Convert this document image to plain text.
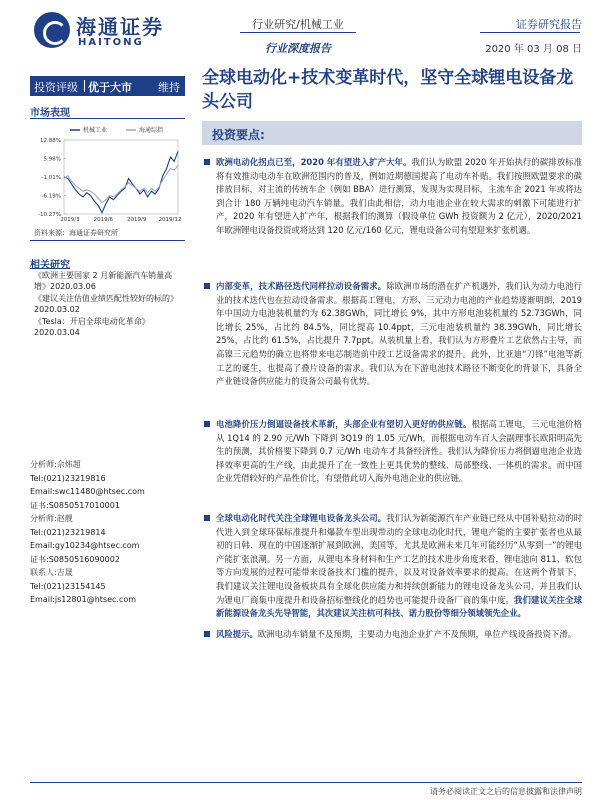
海通证券
HAITONG
行业研究/机械工业
行业深度报告
证券研究报告
2020 年 03 月 08 日
投资评级 优于大市 维持 全球电动化+技术变革时代，坚守全球锂电设备龙头公司
市场表现
12.88%
5.98%
-1.01%
-6.19%
-10.27%
2019/3	2019/6	2019/9 2019/12
机械工业	海通综指
资料来源：海通证券研究所
相关研究
《欧洲主要国家 2 月新能源汽车销量高增》2020.03.06
《建议关注估值业绩匹配性较好的标的》2020.03.02
《Tesla：开启全球电动化革命》2020.03.04
分析师:佘炜超
Tel:(021)23219816
Email:swc11480@htsec.com
证书:S0850517010001
分析师:赵靓
Tel:(021)23219814
Email:gy10234@htsec.com
证书:S0850516090002
联系人:吉晟
Tel:(021)23154145
Email:js12801@htsec.com
投资要点:
欧洲电动化拐点已至，2020 年有望进入扩产大年。我们认为欧盟 2020 年开始执行的碳排放标准将有效推动电动车在欧洲范围内的普及，例如近期德国提高了电动车补贴。我们按照欧盟要求的碳排放目标，对主流的传统车企（例如 BBA）进行测算，发现为实现目标，主流车企 2021 年或将达到合计 180 万辆纯电动汽车销量。我们由此相信，动力电池企业在较大需求的刺激下可能进行扩产，2020 年有望进入扩产年，根据我们的测算（假设单位 GWh 投资额为 2 亿元），2020/2021 年欧洲锂电设备投资或将达到 120 亿元/160 亿元，锂电设备公司有望迎来扩张机遇。
内部变革，技术路径迭代同样拉动设备需求。除欧洲市场的潜在扩产机遇外，我们认为动力电池行业的技术迭代也在拉动设备需求。根据高工锂电，方形、三元动力电池的产业趋势逐渐明朗，2019 年中国动力电池装机量约为 62.38GWh，同比增长 9%，其中方形电池装机量约 52.73GWh，同比增长 25%，占比约 84.5%，同比提高 10.4ppt，三元电池装机量约 38.39GWh，同比增长 25%，占比约 61.5%，占比提升 7.7ppt。从装机量上看，我们认为方形叠片工艺依然占主导，而高镍三元趋势的确立也将带来电芯制造前中段工艺设备需求的提升。此外，比亚迪“刀锋”电池等新工艺的诞生，也提高了叠片设备的需求。我们认为在下游电池技术路径不断变化的背景下，具备全产业链设备供应能力的设备公司最有优势。
电池降价压力倒逼设备技术革新，头部企业有望切入更好的供应链。根据高工锂电，三元电池价格从 1Q14 的 2.90 元/Wh 下降到 3Q19 的 1.05 元/Wh，而根据电动车百人会副理事长欧阳明高先生的预测，其价格要下降到 0.7 元/Wh 电动车才具备经济性。我们认为降价压力将倒逼电池企业选择效率更高的生产线，由此提升了在一致性上更具优势的整线、局部整线、一体机的需求。而中国企业凭借较好的产品性价比，有望借此切入海外电池企业的供应链。
全球电动化时代关注全球锂电设备龙头公司。我们认为新能源汽车产业链已经从中国补贴拉动的时代进入到全球环保标准提升和爆款车型出现带动的全球电动化时代，锂电产能的主要扩张者也从最初的日韩、现在的中国逐渐扩展到欧洲、美国等，尤其是欧洲未来几年可能经历“从零到一”的锂电产能扩张浪潮。另一方面，从锂电本身材料和生产工艺的技术进步角度来看，锂电池向 811、软包等方向发展的过程可能带来设备技术门槛的提升，以及对设备效率要求的提高。在这两个背景下，我们建议关注锂电设备板块具有全球化供应能力和持续创新能力的锂电设备龙头公司，并且我们认为锂电厂商集中度提升和设备招标整线化的趋势也可能提升设备厂商的集中度。我们建议关注全球新能源设备龙头先导智能，其次建议关注杭可科技、诺力股份等细分领域领先企业。
风险提示。欧洲电动车销量不及预期，主要动力电池企业扩产不及预期，单位产线设备投资下滑。
请务必阅读正文之后的信息披露和法律声明
